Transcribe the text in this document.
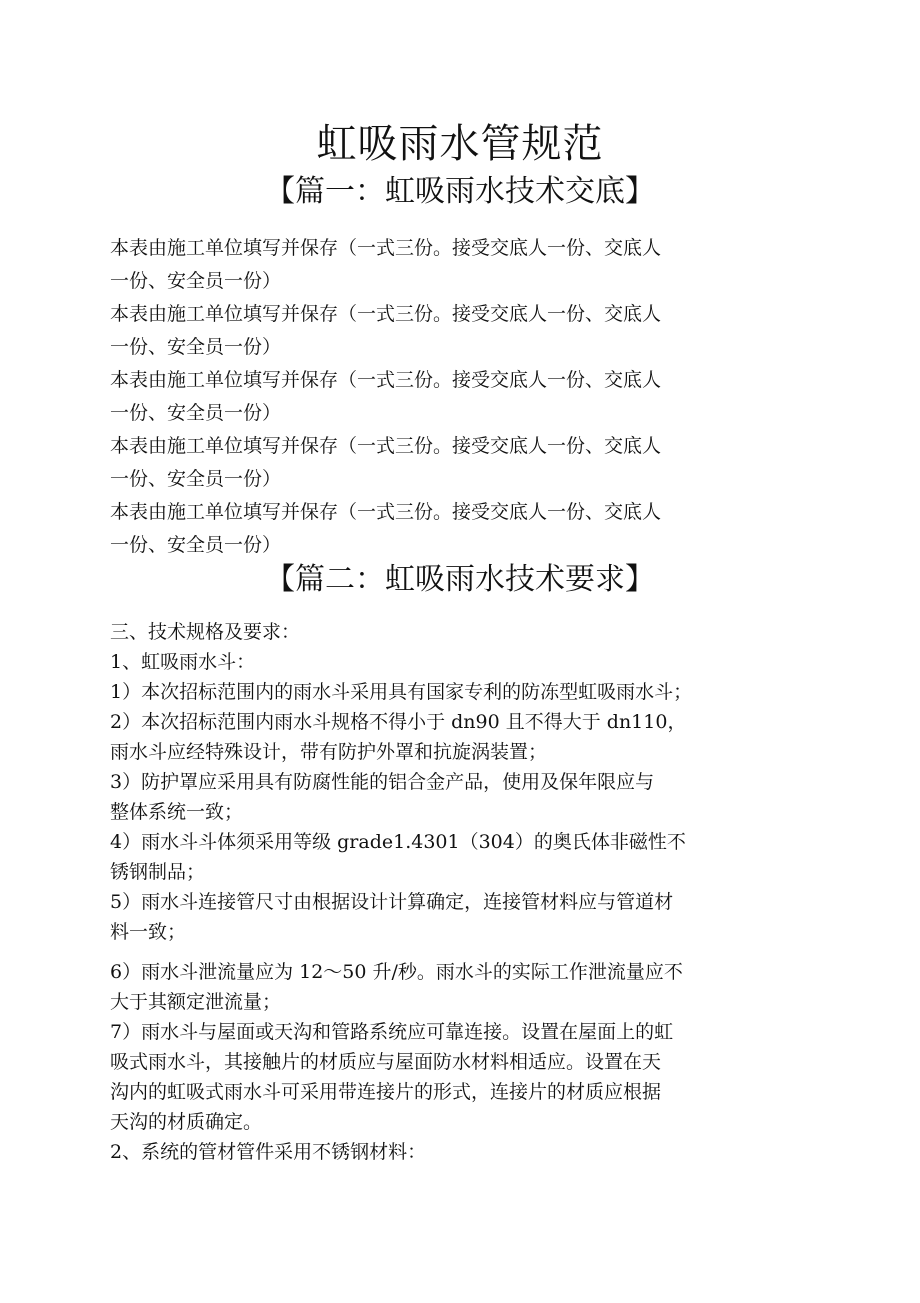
虹吸雨水管规范
【篇一：虹吸雨水技术交底】
本表由施工单位填写并保存（一式三份。接受交底人一份、交底人
一份、安全员一份）
本表由施工单位填写并保存（一式三份。接受交底人一份、交底人
一份、安全员一份）
本表由施工单位填写并保存（一式三份。接受交底人一份、交底人
一份、安全员一份）
本表由施工单位填写并保存（一式三份。接受交底人一份、交底人
一份、安全员一份）
本表由施工单位填写并保存（一式三份。接受交底人一份、交底人
一份、安全员一份）
【篇二：虹吸雨水技术要求】
三、技术规格及要求：
1、虹吸雨水斗：
1）本次招标范围内的雨水斗采用具有国家专利的防冻型虹吸雨水斗；
2）本次招标范围内雨水斗规格不得小于 dn90 且不得大于 dn110，
雨水斗应经特殊设计，带有防护外罩和抗旋涡装置；
3）防护罩应采用具有防腐性能的铝合金产品，使用及保年限应与
整体系统一致；
4）雨水斗斗体须采用等级 grade1.4301（304）的奥氏体非磁性不
锈钢制品；
5）雨水斗连接管尺寸由根据设计计算确定，连接管材料应与管道材
料一致；
6）雨水斗泄流量应为 12〜50 升/秒。雨水斗的实际工作泄流量应不
大于其额定泄流量；
7）雨水斗与屋面或天沟和管路系统应可靠连接。设置在屋面上的虹
吸式雨水斗，其接触片的材质应与屋面防水材料相适应。设置在天
沟内的虹吸式雨水斗可采用带连接片的形式，连接片的材质应根据
天沟的材质确定。
2、系统的管材管件采用不锈钢材料：
